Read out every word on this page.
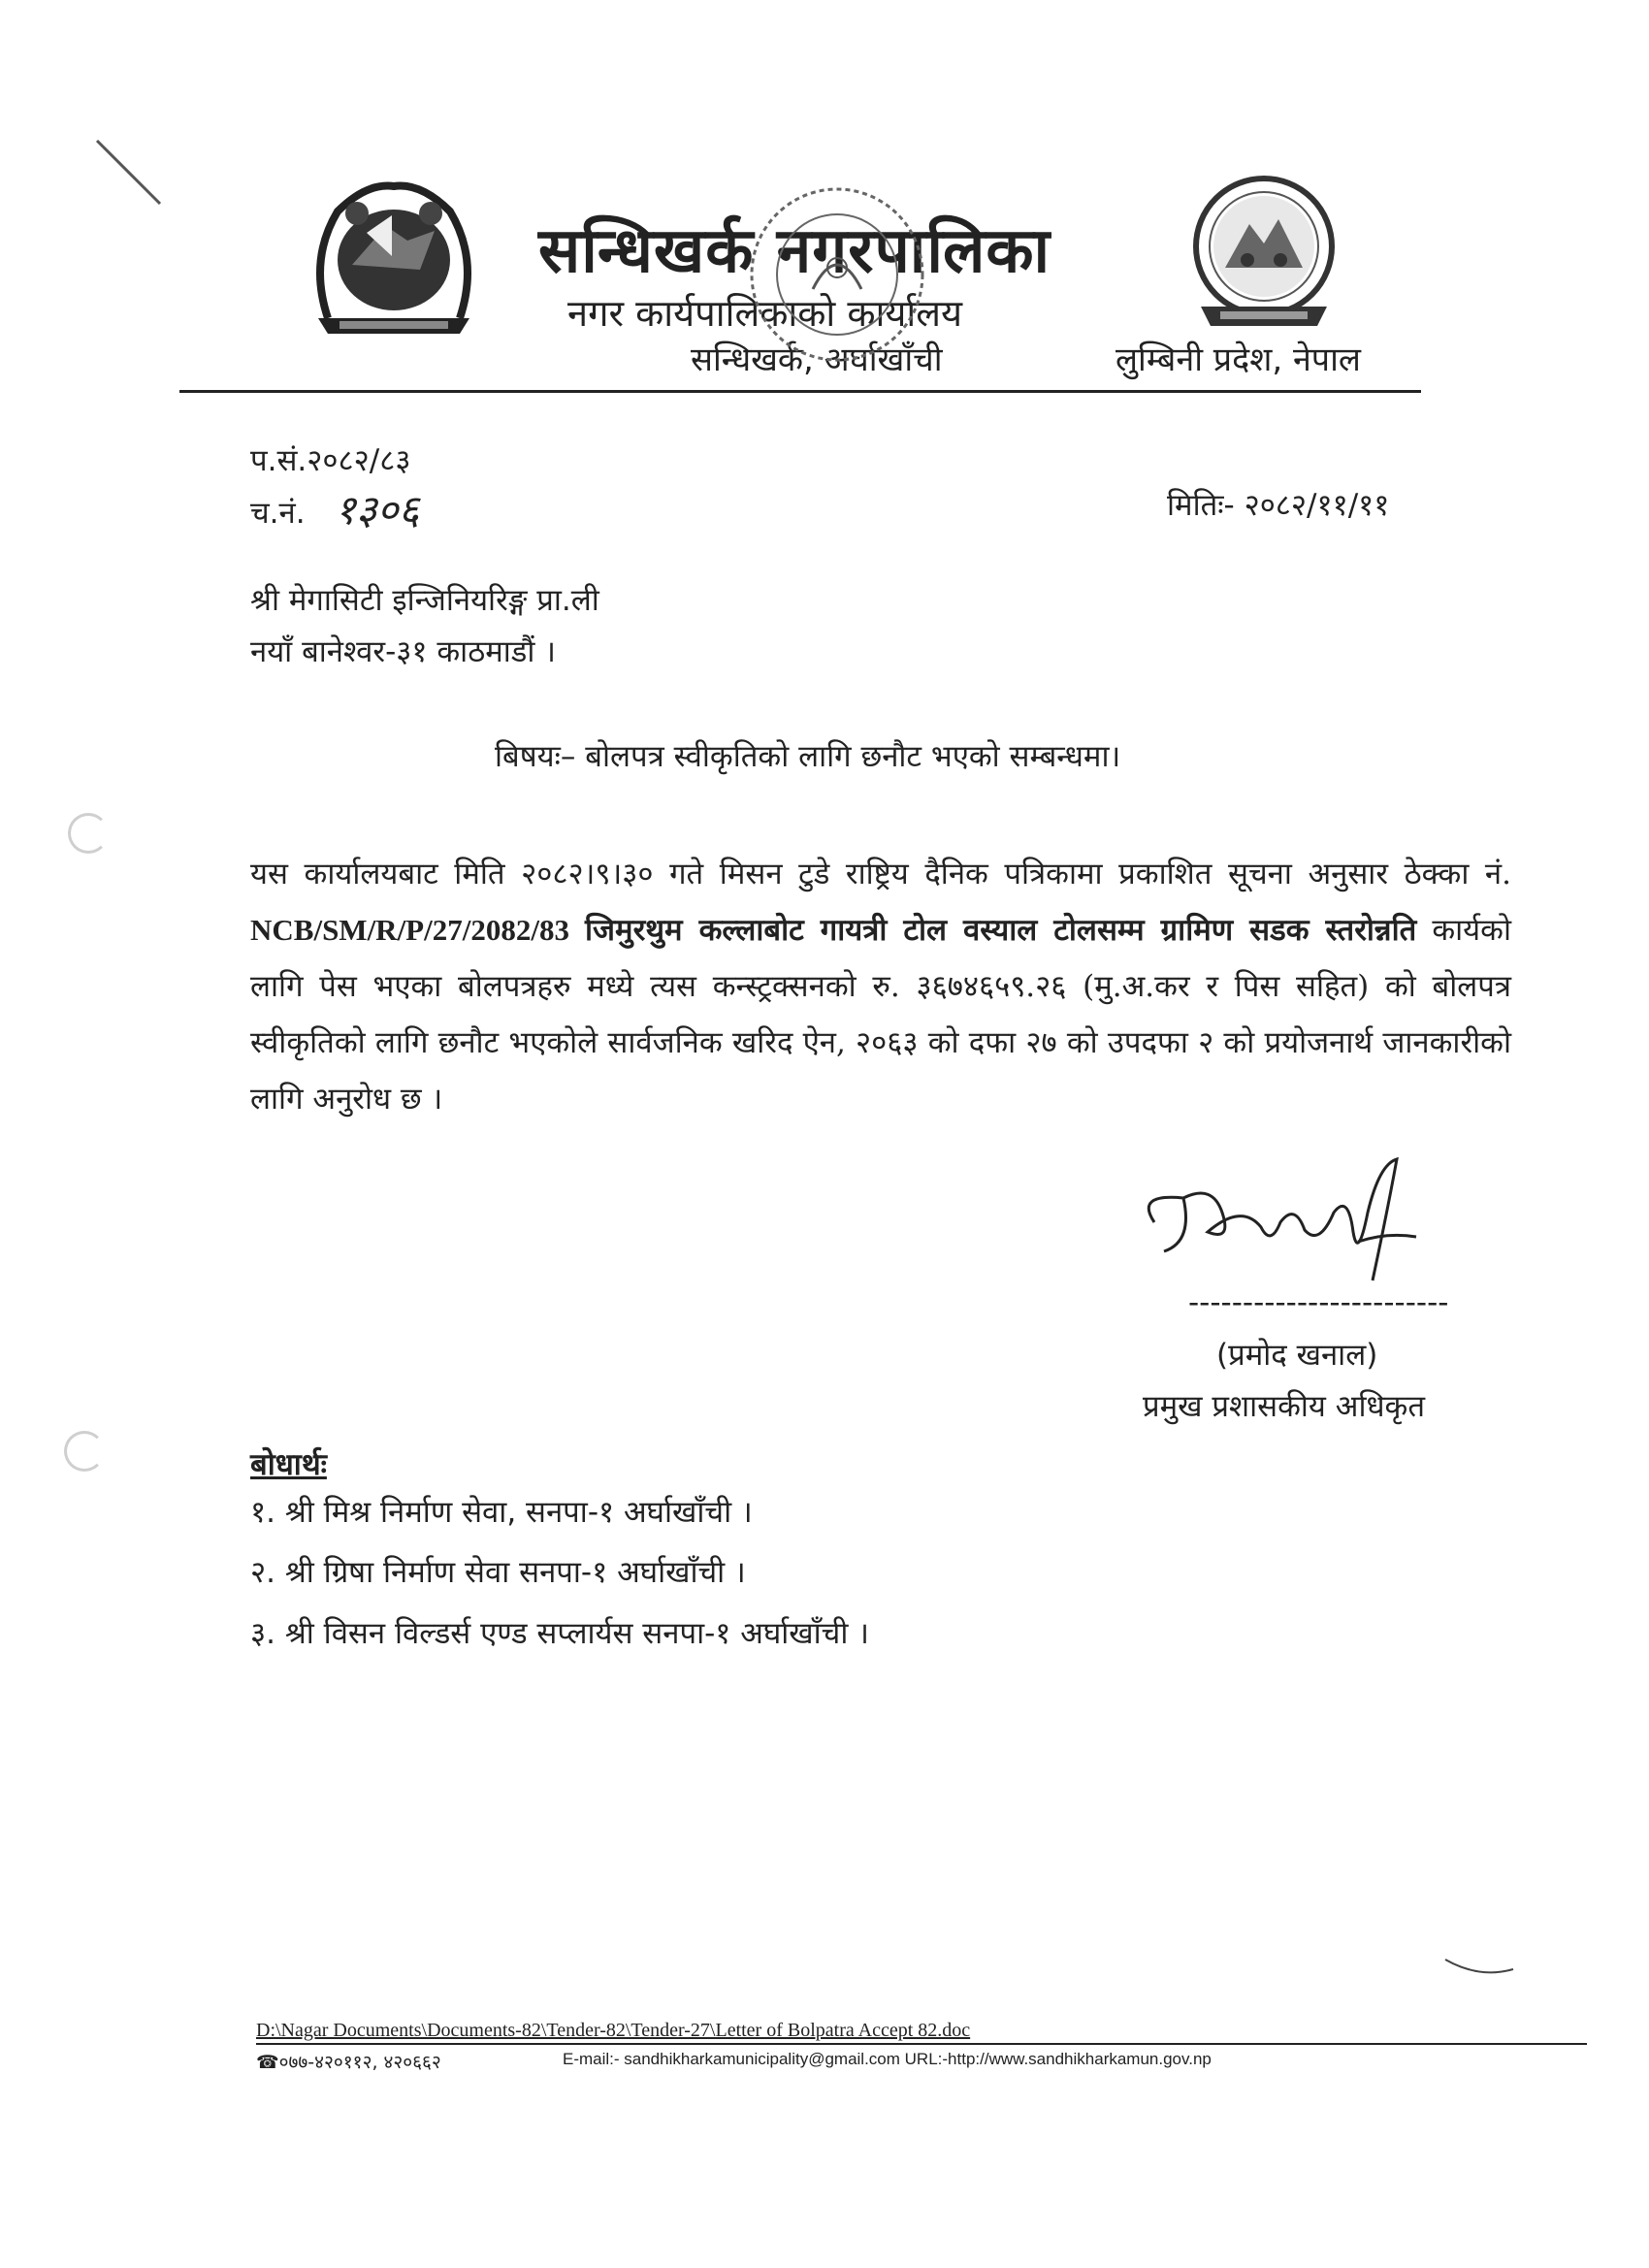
सन्धिखर्क नगरपालिका
नगर कार्यपालिकाको कार्यालय
सन्धिखर्क, अर्घाखाँची	लुम्बिनी प्रदेश, नेपाल
प.सं.२०८२/८३
च.नं. १३०६	मितिः- २०८२/११/११
श्री मेगासिटी इन्जिनियरिङ्ग प्रा.ली
नयाँ बानेश्वर-३१ काठमाडौं ।
बिषयः– बोलपत्र स्वीकृतिको लागि छनौट भएको सम्बन्धमा।
यस कार्यालयबाट मिति २०८२।९।३० गते मिसन टुडे राष्ट्रिय दैनिक पत्रिकामा प्रकाशित सूचना अनुसार ठेक्का नं. NCB/SM/R/P/27/2082/83 जिमुरथुम कल्लाबोट गायत्री टोल वस्याल टोलसम्म ग्रामिण सडक स्तरोन्नति कार्यको लागि पेस भएका बोलपत्रहरु मध्ये त्यस कन्स्ट्रक्सनको रु. ३६७४६५९.२६ (मु.अ.कर र पिस सहित) को बोलपत्र स्वीकृतिको लागि छनौट भएकोले सार्वजनिक खरिद ऐन, २०६३ को दफा २७ को उपदफा २ को प्रयोजनार्थ जानकारीको लागि अनुरोध छ ।
------------------------
(प्रमोद खनाल)
प्रमुख प्रशासकीय अधिकृत
बोधार्थः
१. श्री मिश्र निर्माण सेवा, सनपा-१ अर्घाखाँची ।
२. श्री ग्रिषा निर्माण सेवा सनपा-१ अर्घाखाँची ।
३. श्री विसन विल्डर्स एण्ड सप्लार्यस सनपा-१ अर्घाखाँची ।
D:\Nagar Documents\Documents-82\Tender-82\Tender-27\Letter of Bolpatra Accept 82.doc
☎०७७-४२०११२, ४२०६६२	E-mail:- sandhikharkamunicipality@gmail.com URL:-http://www.sandhikharkamun.gov.np
